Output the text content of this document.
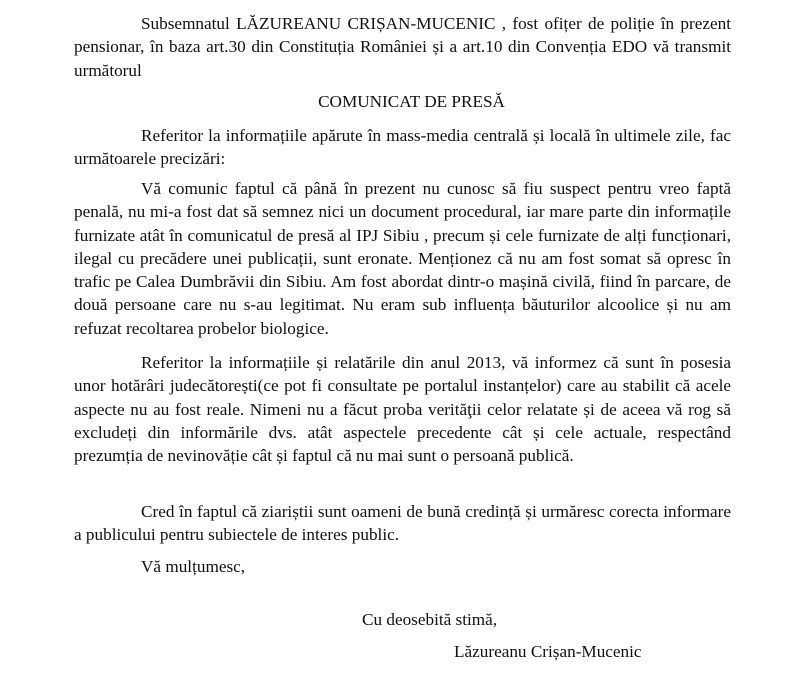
Subsemnatul LĂZUREANU CRIȘAN-MUCENIC , fost ofițer de poliție în prezent pensionar, în baza art.30 din Constituția României și a art.10 din Convenția EDO vă transmit următorul

COMUNICAT DE PRESĂ

Referitor la informațiile apărute în mass-media centrală și locală în ultimele zile, fac următoarele precizări:

Vă comunic faptul că până în prezent nu cunosc să fiu suspect pentru vreo faptă penală, nu mi-a fost dat să semnez nici un document procedural, iar mare parte din informațile furnizate atât în comunicatul de presă al IPJ Sibiu , precum și cele furnizate de alți funcționari, ilegal cu precădere unei publicații, sunt eronate. Menționez că nu am fost somat să opresc în trafic pe Calea Dumbrăvii din Sibiu. Am fost abordat dintr-o mașină civilă, fiind în parcare, de două persoane care nu s-au legitimat. Nu eram sub influența băuturilor alcoolice și nu am refuzat recoltarea probelor biologice.

Referitor la informațiile și relatările din anul 2013, vă informez că sunt în posesia unor hotărâri judecătorești(ce pot fi consultate pe portalul instanțelor) care au stabilit că acele aspecte nu au fost reale. Nimeni nu a făcut proba verităţii celor relatate și de aceea vă rog să excludeți din informările dvs. atât aspectele precedente cât și cele actuale, respectând prezumția de nevinovăție cât și faptul că nu mai sunt o persoană publică.

Cred în faptul că ziariștii sunt oameni de bună credință și urmăresc corecta informare a publicului pentru subiectele de interes public.

Vă mulțumesc,

Cu deosebită stimă,

Lăzureanu Crișan-Mucenic
